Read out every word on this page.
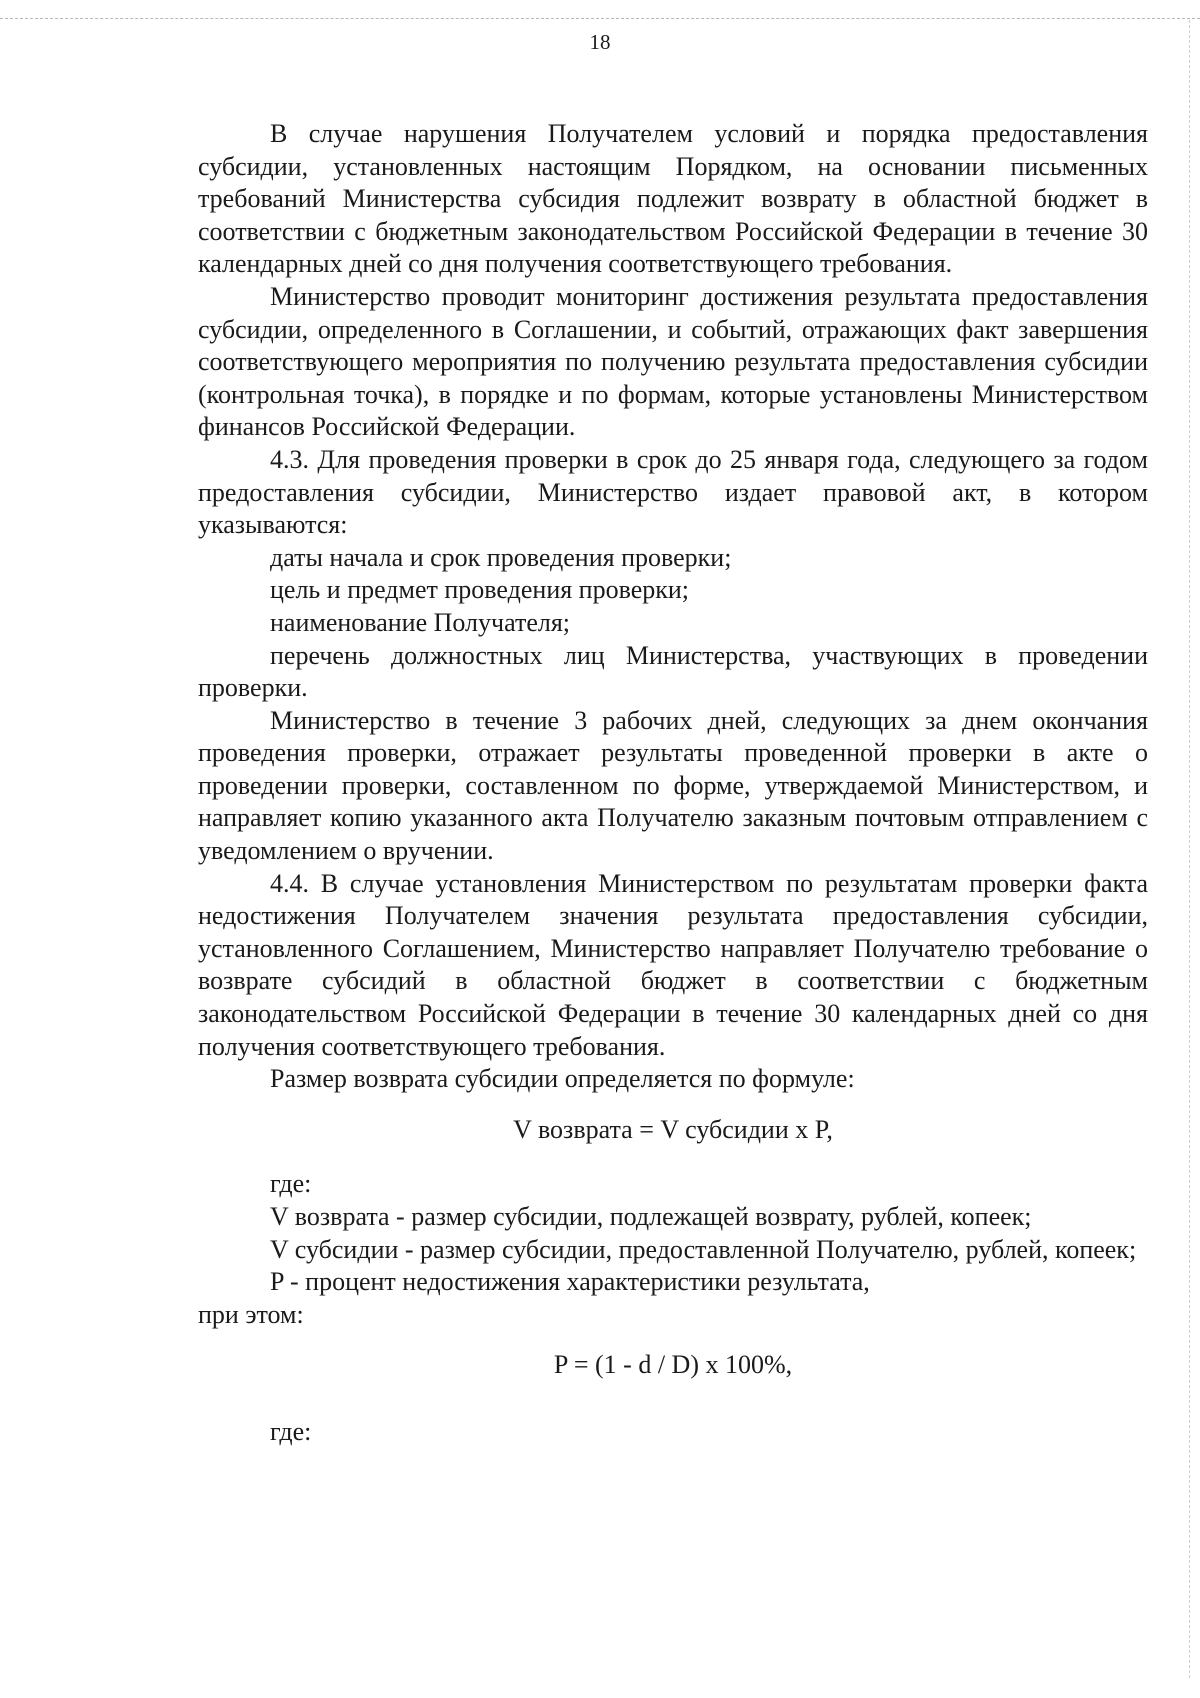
18

В случае нарушения Получателем условий и порядка предоставления субсидии, установленных настоящим Порядком, на основании письменных требований Министерства субсидия подлежит возврату в областной бюджет в соответствии с бюджетным законодательством Российской Федерации в течение 30 календарных дней со дня получения соответствующего требования.

Министерство проводит мониторинг достижения результата предоставления субсидии, определенного в Соглашении, и событий, отражающих факт завершения соответствующего мероприятия по получению результата предоставления субсидии (контрольная точка), в порядке и по формам, которые установлены Министерством финансов Российской Федерации.

4.3. Для проведения проверки в срок до 25 января года, следующего за годом предоставления субсидии, Министерство издает правовой акт, в котором указываются:

даты начала и срок проведения проверки;

цель и предмет проведения проверки;

наименование Получателя;

перечень должностных лиц Министерства, участвующих в проведении проверки.

Министерство в течение 3 рабочих дней, следующих за днем окончания проведения проверки, отражает результаты проведенной проверки в акте о проведении проверки, составленном по форме, утверждаемой Министерством, и направляет копию указанного акта Получателю заказным почтовым отправлением с уведомлением о вручении.

4.4. В случае установления Министерством по результатам проверки факта недостижения Получателем значения результата предоставления субсидии, установленного Соглашением, Министерство направляет Получателю требование о возврате субсидий в областной бюджет в соответствии с бюджетным законодательством Российской Федерации в течение 30 календарных дней со дня получения соответствующего требования.

Размер возврата субсидии определяется по формуле:

V возврата = V субсидии x P,

где:

V возврата - размер субсидии, подлежащей возврату, рублей, копеек;

V субсидии - размер субсидии, предоставленной Получателю, рублей, копеек;

P - процент недостижения характеристики результата,

при этом:

P = (1 - d / D) x 100%,

где:
